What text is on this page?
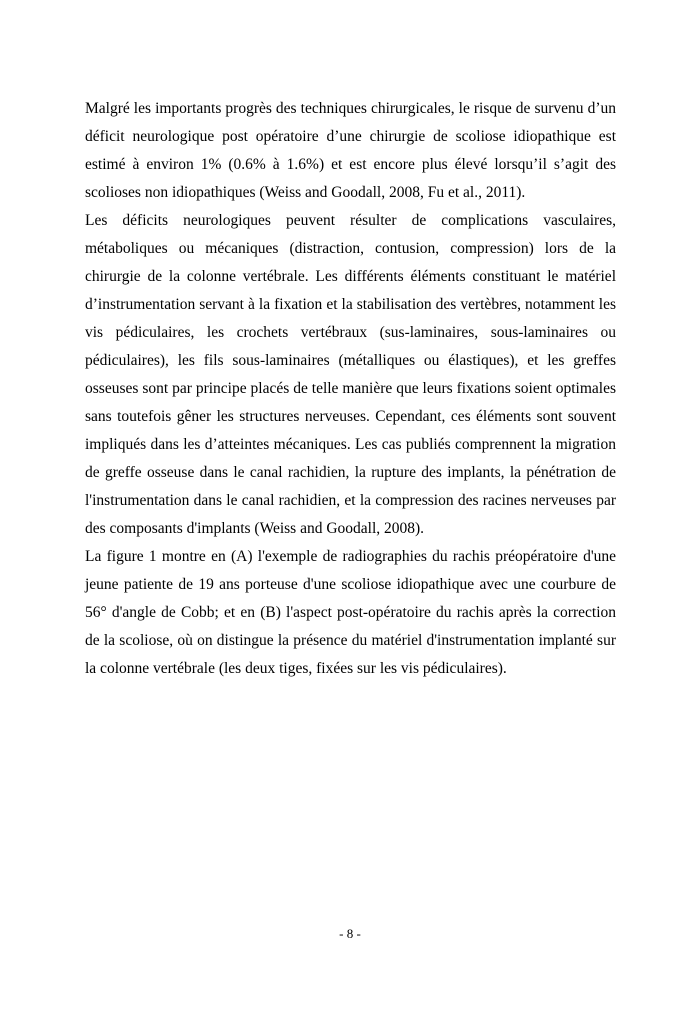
Malgré les importants progrès des techniques chirurgicales, le risque de survenu d’un déficit neurologique post opératoire d’une chirurgie de scoliose idiopathique est estimé à environ 1% (0.6% à 1.6%) et est encore plus élevé lorsqu’il s’agit des scolioses non idiopathiques (Weiss and Goodall, 2008, Fu et al., 2011).

Les déficits neurologiques peuvent résulter de complications vasculaires, métaboliques ou mécaniques (distraction, contusion, compression) lors de la chirurgie de la colonne vertébrale. Les différents éléments constituant le matériel d’instrumentation servant à la fixation et la stabilisation des vertèbres, notamment les vis pédiculaires, les crochets vertébraux (sus-laminaires, sous-laminaires ou pédiculaires), les fils sous-laminaires (métalliques ou élastiques), et les greffes osseuses sont par principe placés de telle manière que leurs fixations soient optimales sans toutefois gêner les structures nerveuses. Cependant, ces éléments sont souvent impliqués dans les d’atteintes mécaniques. Les cas publiés comprennent la migration de greffe osseuse dans le canal rachidien, la rupture des implants, la pénétration de l'instrumentation dans le canal rachidien, et la compression des racines nerveuses par des composants d'implants (Weiss and Goodall, 2008).

La figure 1 montre en (A) l'exemple de radiographies du rachis préopératoire d'une jeune patiente de 19 ans porteuse d'une scoliose idiopathique avec une courbure de 56° d'angle de Cobb; et en (B) l'aspect post-opératoire du rachis après la correction de la scoliose, où on distingue la présence du matériel d'instrumentation implanté sur la colonne vertébrale (les deux tiges, fixées sur les vis pédiculaires).

- 8 -
